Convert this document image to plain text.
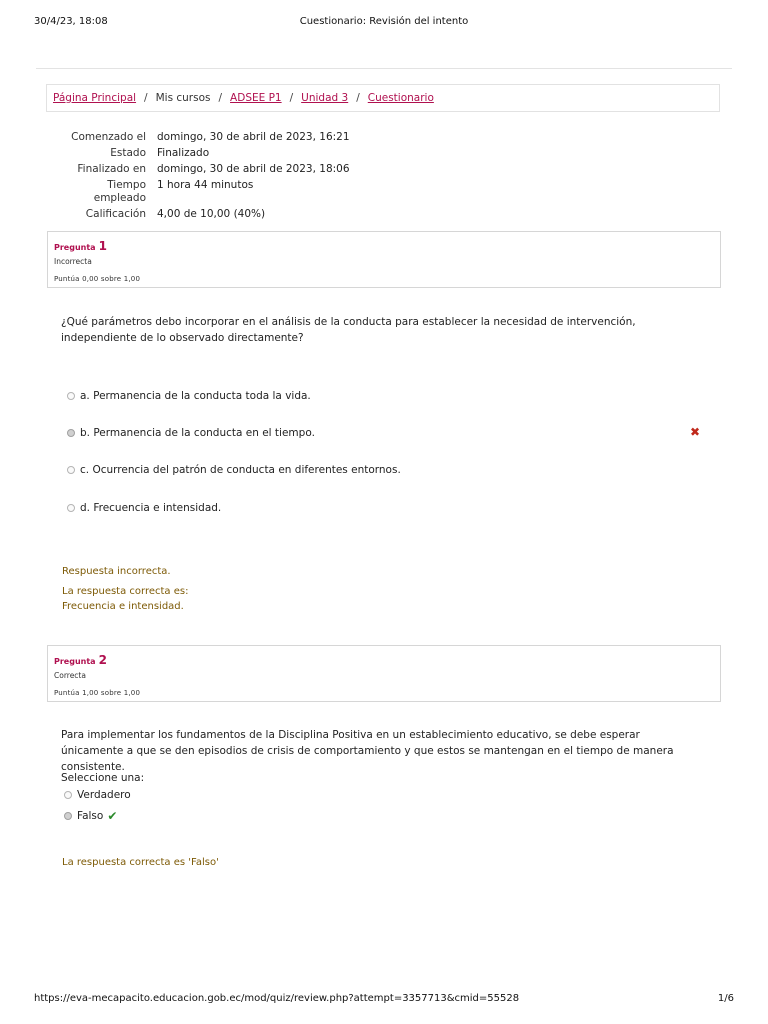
30/4/23, 18:08	Cuestionario: Revisión del intento
Página Principal / Mis cursos / ADSEE P1 / Unidad 3 / Cuestionario
Comenzado el domingo, 30 de abril de 2023, 16:21
Estado Finalizado
Finalizado en domingo, 30 de abril de 2023, 18:06
Tiempo
empleado
1 hora 44 minutos
Calificación 4,00 de 10,00 (40%)
Pregunta 1
Incorrecta
Puntúa 0,00 sobre 1,00
¿Qué parámetros debo incorporar en el análisis de la conducta para establecer la necesidad de intervención, independiente de lo observado directamente?
a. Permanencia de la conducta toda la vida.
b. Permanencia de la conducta en el tiempo.	✖
c. Ocurrencia del patrón de conducta en diferentes entornos.
d. Frecuencia e intensidad.
Respuesta incorrecta.
La respuesta correcta es:
Frecuencia e intensidad.
Pregunta 2
Correcta
Puntúa 1,00 sobre 1,00
Para implementar los fundamentos de la Disciplina Positiva en un establecimiento educativo, se debe esperar únicamente a que se den episodios de crisis de comportamiento y que estos se mantengan en el tiempo de manera consistente.
Seleccione una:
Verdadero
Falso ✔
La respuesta correcta es 'Falso'
https://eva-mecapacito.educacion.gob.ec/mod/quiz/review.php?attempt=3357713&cmid=55528	1/6
